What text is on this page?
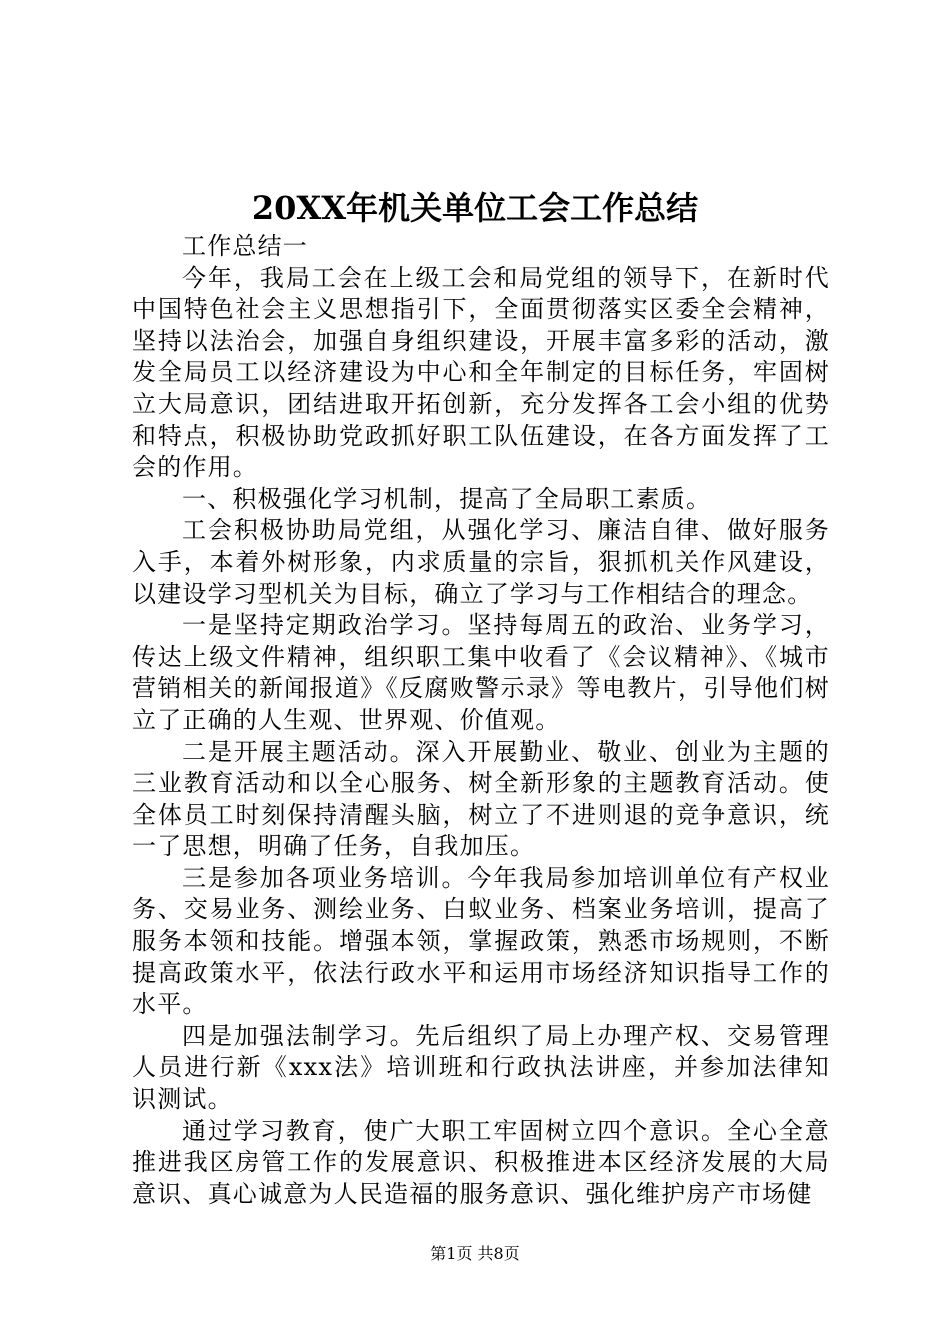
20XX年机关单位工会工作总结

工作总结一

今年，我局工会在上级工会和局党组的领导下，在新时代中国特色社会主义思想指引下，全面贯彻落实区委全会精神，坚持以法治会，加强自身组织建设，开展丰富多彩的活动，激发全局员工以经济建设为中心和全年制定的目标任务，牢固树立大局意识，团结进取开拓创新，充分发挥各工会小组的优势和特点，积极协助党政抓好职工队伍建设，在各方面发挥了工会的作用。

一、积极强化学习机制，提高了全局职工素质。

工会积极协助局党组，从强化学习、廉洁自律、做好服务入手，本着外树形象，内求质量的宗旨，狠抓机关作风建设，以建设学习型机关为目标，确立了学习与工作相结合的理念。

一是坚持定期政治学习。坚持每周五的政治、业务学习，传达上级文件精神，组织职工集中收看了《会议精神》、《城市营销相关的新闻报道》《反腐败警示录》等电教片，引导他们树立了正确的人生观、世界观、价值观。

二是开展主题活动。深入开展勤业、敬业、创业为主题的三业教育活动和以全心服务、树全新形象的主题教育活动。使全体员工时刻保持清醒头脑，树立了不进则退的竞争意识，统一了思想，明确了任务，自我加压。

三是参加各项业务培训。今年我局参加培训单位有产权业务、交易业务、测绘业务、白蚁业务、档案业务培训，提高了服务本领和技能。增强本领，掌握政策，熟悉市场规则，不断提高政策水平，依法行政水平和运用市场经济知识指导工作的水平。

四是加强法制学习。先后组织了局上办理产权、交易管理人员进行新《xxx法》培训班和行政执法讲座，并参加法律知识测试。

通过学习教育，使广大职工牢固树立四个意识。全心全意推进我区房管工作的发展意识、积极推进本区经济发展的大局意识、真心诚意为人民造福的服务意识、强化维护房产市场健

第1页 共8页
